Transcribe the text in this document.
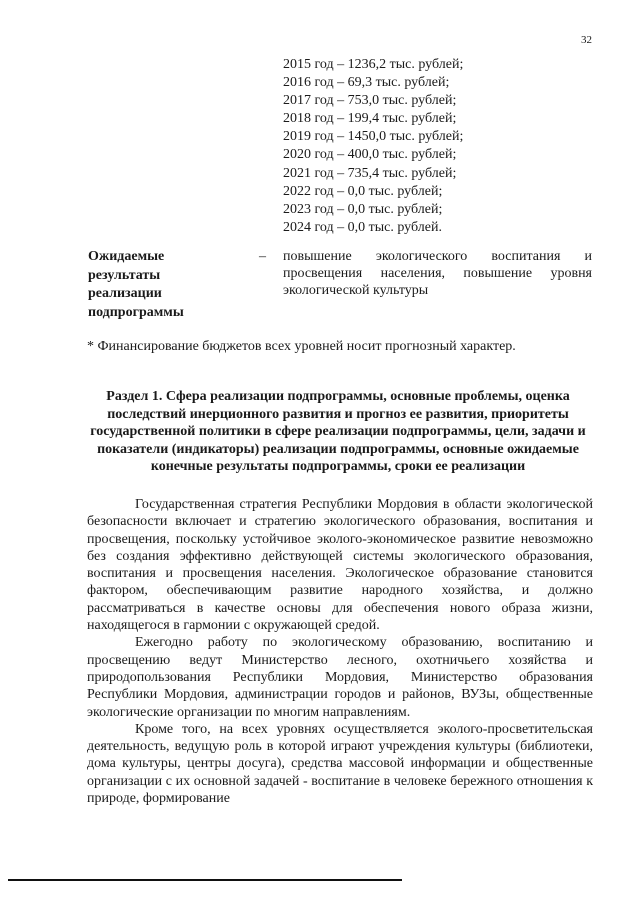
32
2015 год – 1236,2 тыс. рублей;
2016 год – 69,3 тыс. рублей;
2017 год – 753,0 тыс. рублей;
2018 год – 199,4 тыс. рублей;
2019 год – 1450,0 тыс. рублей;
2020 год – 400,0 тыс. рублей;
2021 год – 735,4 тыс. рублей;
2022 год – 0,0 тыс. рублей;
2023 год – 0,0 тыс. рублей;
2024 год – 0,0 тыс. рублей.
Ожидаемые результаты реализации подпрограммы
– повышение экологического воспитания и просвещения населения, повышение уровня экологической культуры
* Финансирование бюджетов всех уровней носит прогнозный характер.
Раздел 1. Сфера реализации подпрограммы, основные проблемы, оценка последствий инерционного развития и прогноз ее развития, приоритеты государственной политики в сфере реализации подпрограммы, цели, задачи и показатели (индикаторы) реализации подпрограммы, основные ожидаемые конечные результаты подпрограммы, сроки ее реализации

Государственная стратегия Республики Мордовия в области экологической безопасности включает и стратегию экологического образования, воспитания и просвещения, поскольку устойчивое эколого-экономическое развитие невозможно без создания эффективно действующей системы экологического образования, воспитания и просвещения населения. Экологическое образование становится фактором, обеспечивающим развитие народного хозяйства, и должно рассматриваться в качестве основы для обеспечения нового образа жизни, находящегося в гармонии с окружающей средой.

Ежегодно работу по экологическому образованию, воспитанию и просвещению ведут Министерство лесного, охотничьего хозяйства и природопользования Республики Мордовия, Министерство образования Республики Мордовия, администрации городов и районов, ВУЗы, общественные экологические организации по многим направлениям.

Кроме того, на всех уровнях осуществляется эколого-просветительская деятельность, ведущую роль в которой играют учреждения культуры (библиотеки, дома культуры, центры досуга), средства массовой информации и общественные организации с их основной задачей - воспитание в человеке бережного отношения к природе, формирование
